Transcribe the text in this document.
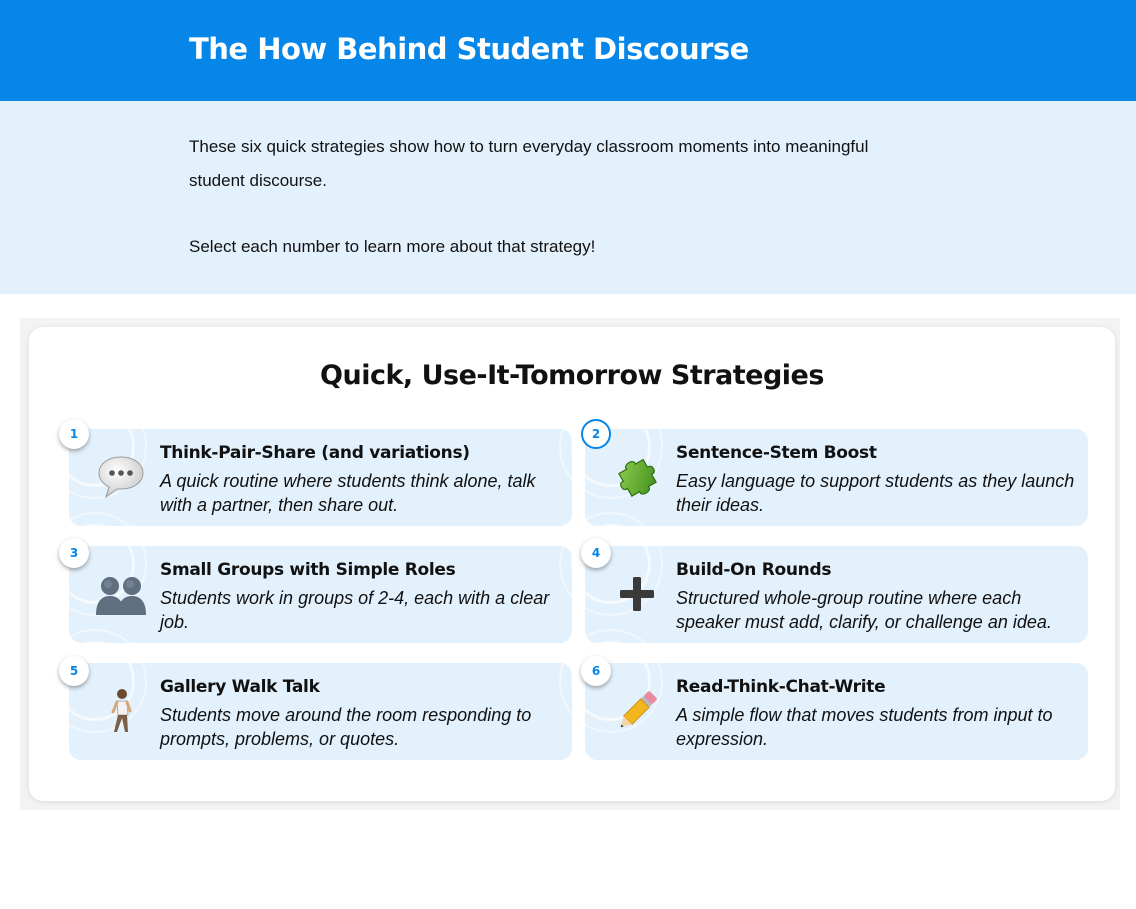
The How Behind Student Discourse

These six quick strategies show how to turn everyday classroom moments into meaningful student discourse.

Select each number to learn more about that strategy!

Quick, Use-It-Tomorrow Strategies
Think-Pair-Share (and variations)
A quick routine where students think alone, talk with a partner, then share out.
Sentence-Stem Boost
Easy language to support students as they launch their ideas.
Small Groups with Simple Roles
Students work in groups of 2-4, each with a clear job.
Build-On Rounds
Structured whole-group routine where each speaker must add, clarify, or challenge an idea.
Gallery Walk Talk
Students move around the room responding to prompts, problems, or quotes.
Read-Think-Chat-Write
A simple flow that moves students from input to expression.
1	2
3	4
5	6
